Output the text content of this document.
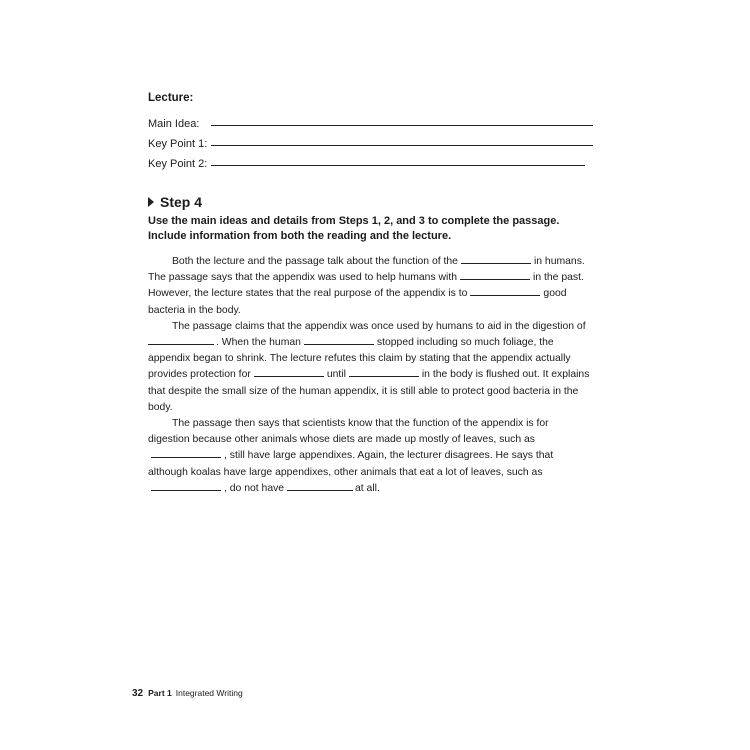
Lecture:
Main Idea:
Key Point 1:
Key Point 2:
Step 4

Use the main ideas and details from Steps 1, 2, and 3 to complete the passage. Include information from both the reading and the lecture.

Both the lecture and the passage talk about the function of the	in humans. The passage says that the appendix was used to help humans with	in the past. However, the lecture states that the real purpose of the appendix is to	good bacteria in the body.

The passage claims that the appendix was once used by humans to aid in the digestion of . When the human	stopped including so much foliage, the appendix began to shrink. The lecture refutes this claim by stating that the appendix actually provides protection for	until	in the body is flushed out. It explains that despite the small size of the human appendix, it is still able to protect good bacteria in the body.

The passage then says that scientists know that the function of the appendix is for digestion because other animals whose diets are made up mostly of leaves, such as, still have large appendixes. Again, the lecturer disagrees. He says that although koalas have large appendixes, other animals that eat a lot of leaves, such as, do not have	at all.

32 Part 1 Integrated Writing
